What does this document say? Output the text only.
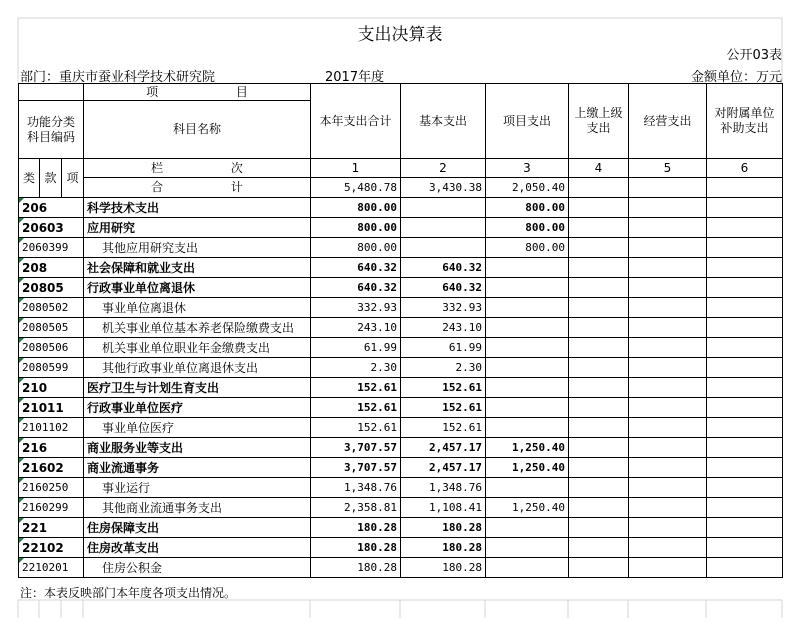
支出决算表
公开03表
部门：重庆市蚕业科学技术研究院	2017年度	金额单位：万元
			项 目	本年支出合计	基本支出	项目支出	上缴上级支出	经营支出	对附属单位补助支出
功能分类 科目编码			科目名称						
类	款	项	栏 次	1	2	3	4	5	6
			合 计	5,480.78	3,430.38	2,050.40			
206			科学技术支出	800.00		800.00			
20603			应用研究	800.00		800.00			
2060399			其他应用研究支出	800.00		800.00			
208			社会保障和就业支出	640.32	640.32				
20805			行政事业单位离退休	640.32	640.32				
2080502			事业单位离退休	332.93	332.93				
2080505			机关事业单位基本养老保险缴费支出	243.10	243.10				
2080506			机关事业单位职业年金缴费支出	61.99	61.99				
2080599			其他行政事业单位离退休支出	2.30	2.30				
210			医疗卫生与计划生育支出	152.61	152.61				
21011			行政事业单位医疗	152.61	152.61				
2101102			事业单位医疗	152.61	152.61				
216			商业服务业等支出	3,707.57	2,457.17	1,250.40			
21602			商业流通事务	3,707.57	2,457.17	1,250.40			
2160250			事业运行	1,348.76	1,348.76				
2160299			其他商业流通事务支出	2,358.81	1,108.41	1,250.40			
221			住房保障支出	180.28	180.28				
22102			住房改革支出	180.28	180.28				
2210201			住房公积金	180.28	180.28				
注：本表反映部门本年度各项支出情况。
